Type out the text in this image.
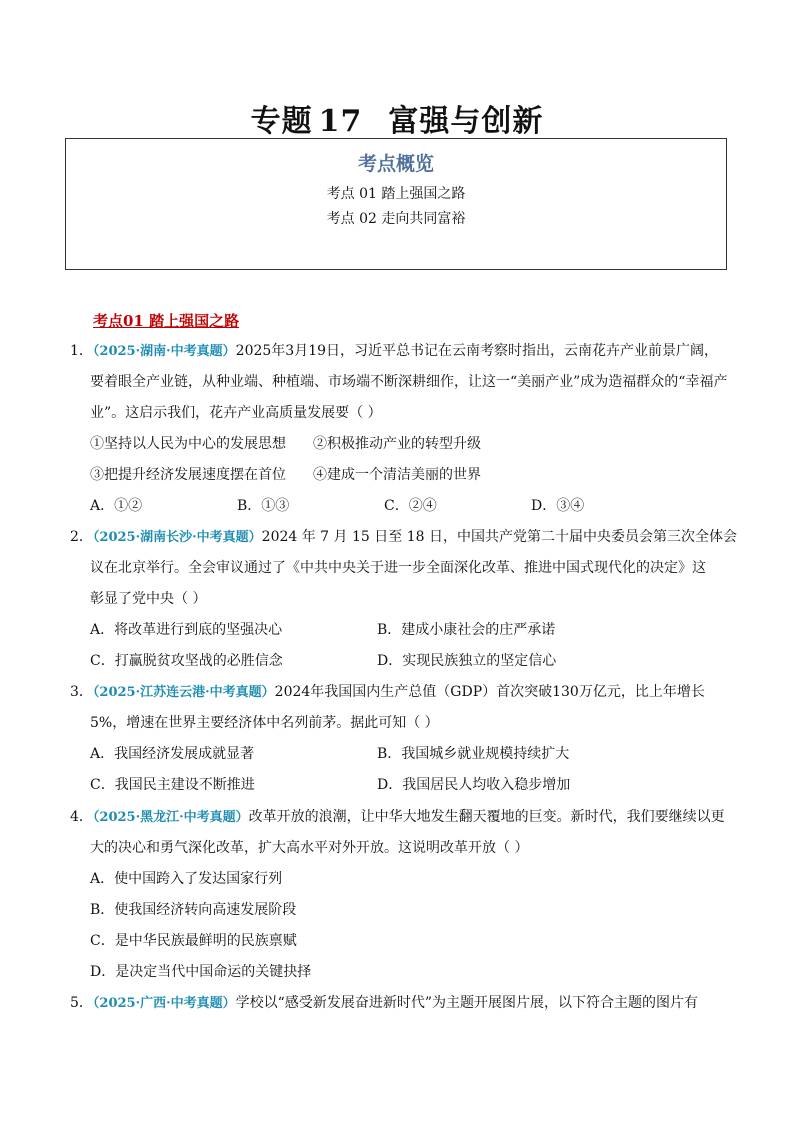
专题 17 富强与创新
考点概览
考点 01 踏上强国之路
考点 02 走向共同富裕
考点01 踏上强国之路
1．（2025·湖南·中考真题）2025年3月19日，习近平总书记在云南考察时指出，云南花卉产业前景广阔，
要着眼全产业链，从种业端、种植端、市场端不断深耕细作，让这一“美丽产业”成为造福群众的“幸福产
业”。这启示我们，花卉产业高质量发展要（ ）
①坚持以人民为中心的发展思想	②积极推动产业的转型升级
③把提升经济发展速度摆在首位	④建成一个清洁美丽的世界
A．①②	B．①③	C．②④	D．③④
2．（2025·湖南长沙·中考真题）2024 年 7 月 15 日至 18 日，中国共产党第二十届中央委员会第三次全体会
议在北京举行。全会审议通过了《中共中央关于进一步全面深化改革、推进中国式现代化的决定》这
彰显了党中央（ ）
A．将改革进行到底的坚强决心	B．建成小康社会的庄严承诺
C．打赢脱贫攻坚战的必胜信念	D．实现民族独立的坚定信心
3．（2025·江苏连云港·中考真题）2024年我国国内生产总值（GDP）首次突破130万亿元，比上年增长
5%，增速在世界主要经济体中名列前茅。据此可知（ ）
A．我国经济发展成就显著	B．我国城乡就业规模持续扩大
C．我国民主建设不断推进	D．我国居民人均收入稳步增加
4．（2025·黑龙江·中考真题）改革开放的浪潮，让中华大地发生翻天覆地的巨变。新时代，我们要继续以更
大的决心和勇气深化改革，扩大高水平对外开放。这说明改革开放（ ）
A．使中国跨入了发达国家行列
B．使我国经济转向高速发展阶段
C．是中华民族最鲜明的民族禀赋
D．是决定当代中国命运的关键抉择
5．（2025·广西·中考真题）学校以“感受新发展奋进新时代”为主题开展图片展，以下符合主题的图片有
